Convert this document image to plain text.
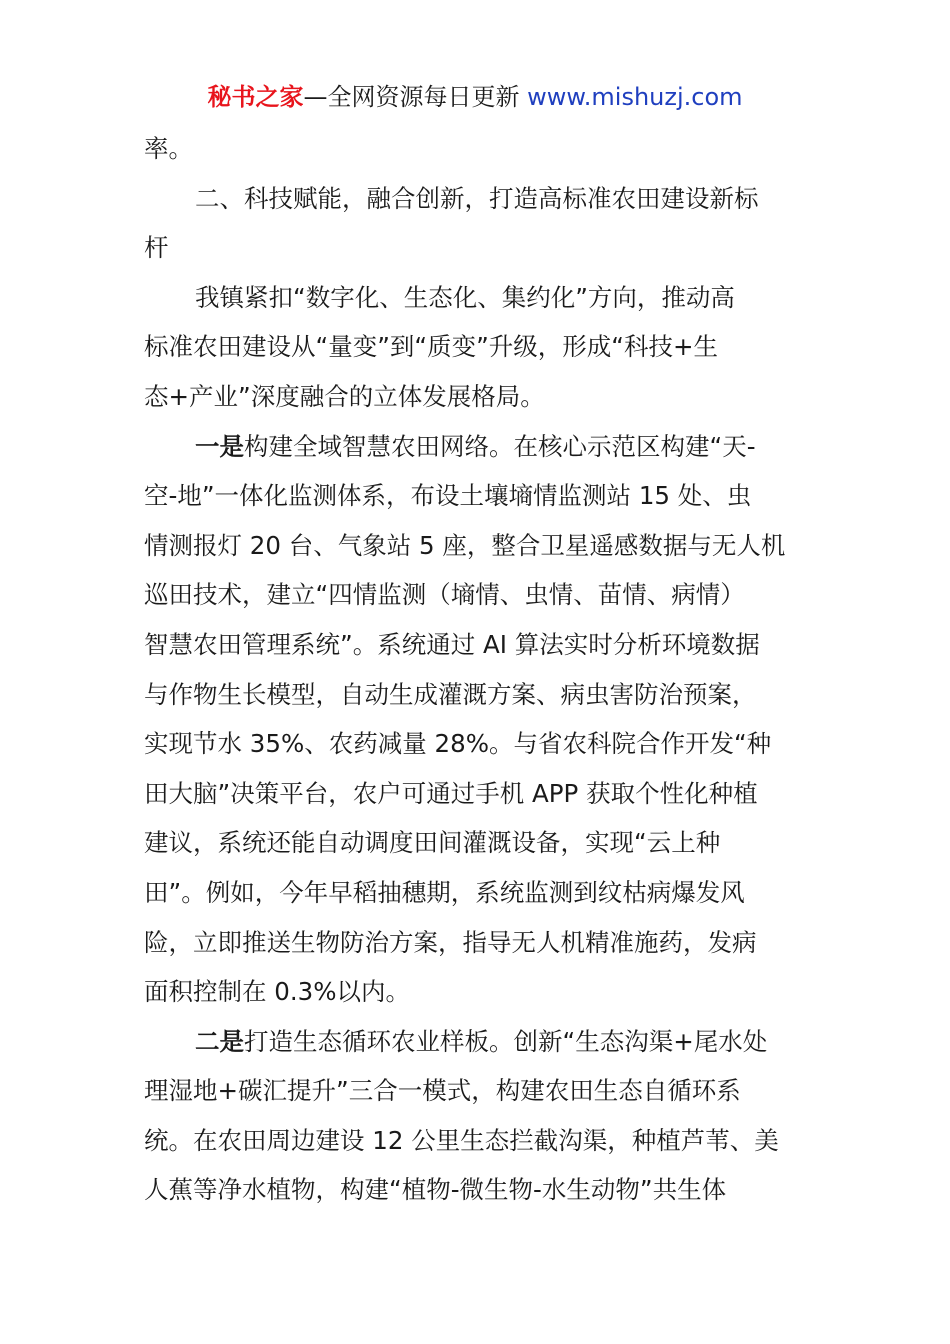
秘书之家—全网资源每日更新 www.mishuzj.com
率。
二、科技赋能，融合创新，打造高标准农田建设新标
杆
我镇紧扣“数字化、生态化、集约化”方向，推动高
标准农田建设从“量变”到“质变”升级，形成“科技+生
态+产业”深度融合的立体发展格局。
一是构建全域智慧农田网络。在核心示范区构建“天-
空-地”一体化监测体系，布设土壤墒情监测站 15 处、虫
情测报灯 20 台、气象站 5 座，整合卫星遥感数据与无人机
巡田技术，建立“四情监测（墒情、虫情、苗情、病情）
智慧农田管理系统”。系统通过 AI 算法实时分析环境数据
与作物生长模型，自动生成灌溉方案、病虫害防治预案，
实现节水 35%、农药减量 28%。与省农科院合作开发“种
田大脑”决策平台，农户可通过手机 APP 获取个性化种植
建议，系统还能自动调度田间灌溉设备，实现“云上种
田”。例如，今年早稻抽穗期，系统监测到纹枯病爆发风
险，立即推送生物防治方案，指导无人机精准施药，发病
面积控制在 0.3%以内。
二是打造生态循环农业样板。创新“生态沟渠+尾水处
理湿地+碳汇提升”三合一模式，构建农田生态自循环系
统。在农田周边建设 12 公里生态拦截沟渠，种植芦苇、美
人蕉等净水植物，构建“植物-微生物-水生动物”共生体
